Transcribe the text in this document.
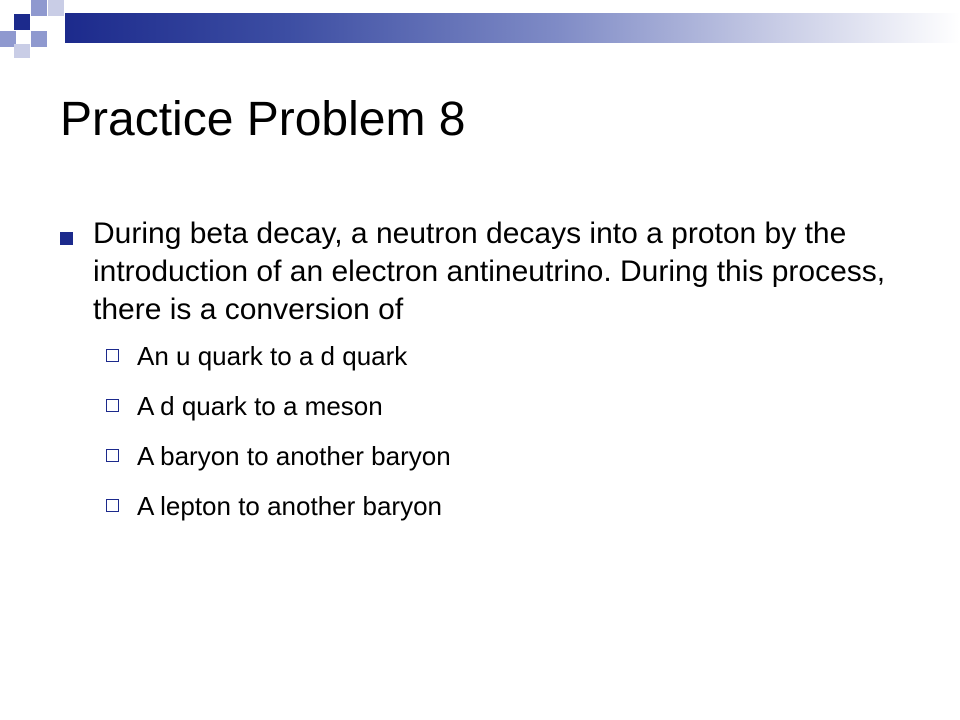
Practice Problem 8

During beta decay, a neutron decays into a proton by the introduction of an electron antineutrino. During this process, there is a conversion of

An u quark to a d quark
A d quark to a meson
A baryon to another baryon
A lepton to another baryon
